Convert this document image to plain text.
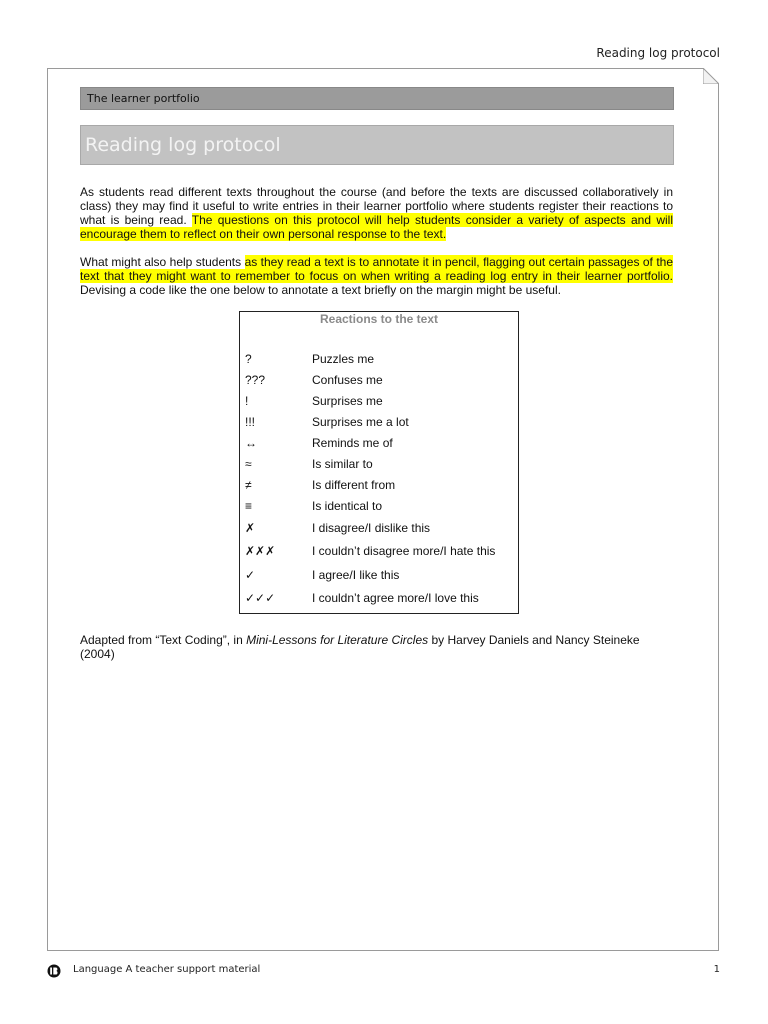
Reading log protocol
The learner portfolio
Reading log protocol
As students read different texts throughout the course (and before the texts are discussed collaboratively in class) they may find it useful to write entries in their learner portfolio where students register their reactions to what is being read. The questions on this protocol will help students consider a variety of aspects and will encourage them to reflect on their own personal response to the text.
What might also help students as they read a text is to annotate it in pencil, flagging out certain passages of the text that they might want to remember to focus on when writing a reading log entry in their learner portfolio. Devising a code like the one below to annotate a text briefly on the margin might be useful.
Reactions to the text
?	Puzzles me
???	Confuses me
!	Surprises me
!!!	Surprises me a lot
↔	Reminds me of
≈	Is similar to
≠	Is different from
≡	Is identical to
✗	I disagree/I dislike this
✗✗✗	I couldn’t disagree more/I hate this
✓	I agree/I like this
✓✓✓	I couldn’t agree more/I love this
Adapted from “Text Coding”, in Mini-Lessons for Literature Circles by Harvey Daniels and Nancy Steineke (2004)
Language A teacher support material	1
